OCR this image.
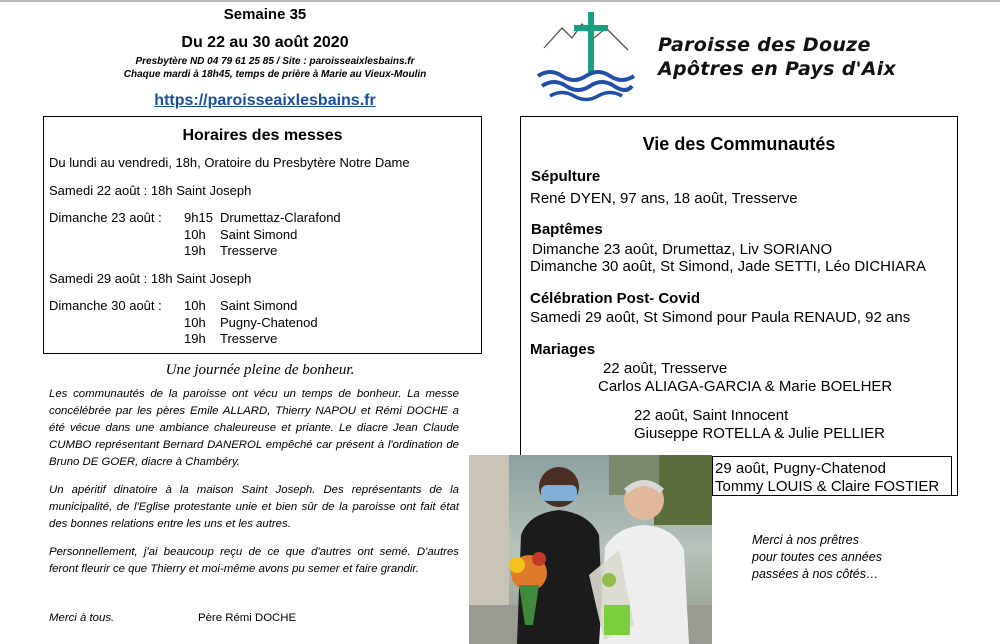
Semaine 35
Du 22 au 30 août 2020
Presbytère ND 04 79 61 25 85 / Site : paroisseaixlesbains.fr
Chaque mardi à 18h45, temps de prière à Marie au Vieux-Moulin
https://paroisseaixlesbains.fr
Paroisse des Douze
Apôtres en Pays d'Aix
Horaires des messes
Du lundi au vendredi, 18h, Oratoire du Presbytère Notre Dame
Samedi 22 août : 18h Saint Joseph
Dimanche 23 août : 9h15 Drumettaz-Clarafond
10h Saint Simond
19h Tresserve
Samedi 29 août : 18h Saint Joseph
Dimanche 30 août : 10h Saint Simond
10h Pugny-Chatenod
19h Tresserve
Vie des Communautés
Sépulture
René DYEN, 97 ans, 18 août, Tresserve
Baptêmes
Dimanche 23 août, Drumettaz, Liv SORIANO
Dimanche 30 août, St Simond, Jade SETTI, Léo DICHIARA
Célébration Post- Covid
Samedi 29 août, St Simond pour Paula RENAUD, 92 ans
Mariages
22 août, Tresserve
Carlos ALIAGA-GARCIA & Marie BOELHER
22 août, Saint Innocent
Giuseppe ROTELLA & Julie PELLIER
29 août, Pugny-Chatenod
Tommy LOUIS & Claire FOSTIER
Une journée pleine de bonheur.
Les communautés de la paroisse ont vécu un temps de bonheur. La messe concélébrée par les pères Emile ALLARD, Thierry NAPOU et Rémi DOCHE a été vécue dans une ambiance chaleureuse et priante. Le diacre Jean Claude CUMBO représentant Bernard DANEROL empêché car présent à l'ordination de Bruno DE GOER, diacre à Chambéry.
Un apéritif dinatoire à la maison Saint Joseph. Des représentants de la municipalité, de l'Eglise protestante unie et bien sûr de la paroisse ont fait état des bonnes relations entre les uns et les autres.
Personnellement, j'ai beaucoup reçu de ce que d'autres ont semé. D'autres feront fleurir ce que Thierry et moi-même avons pu semer et faire grandir.
Merci à tous.	Père Rémi DOCHE
Merci à nos prêtres
pour toutes ces années
passées à nos côtés…
